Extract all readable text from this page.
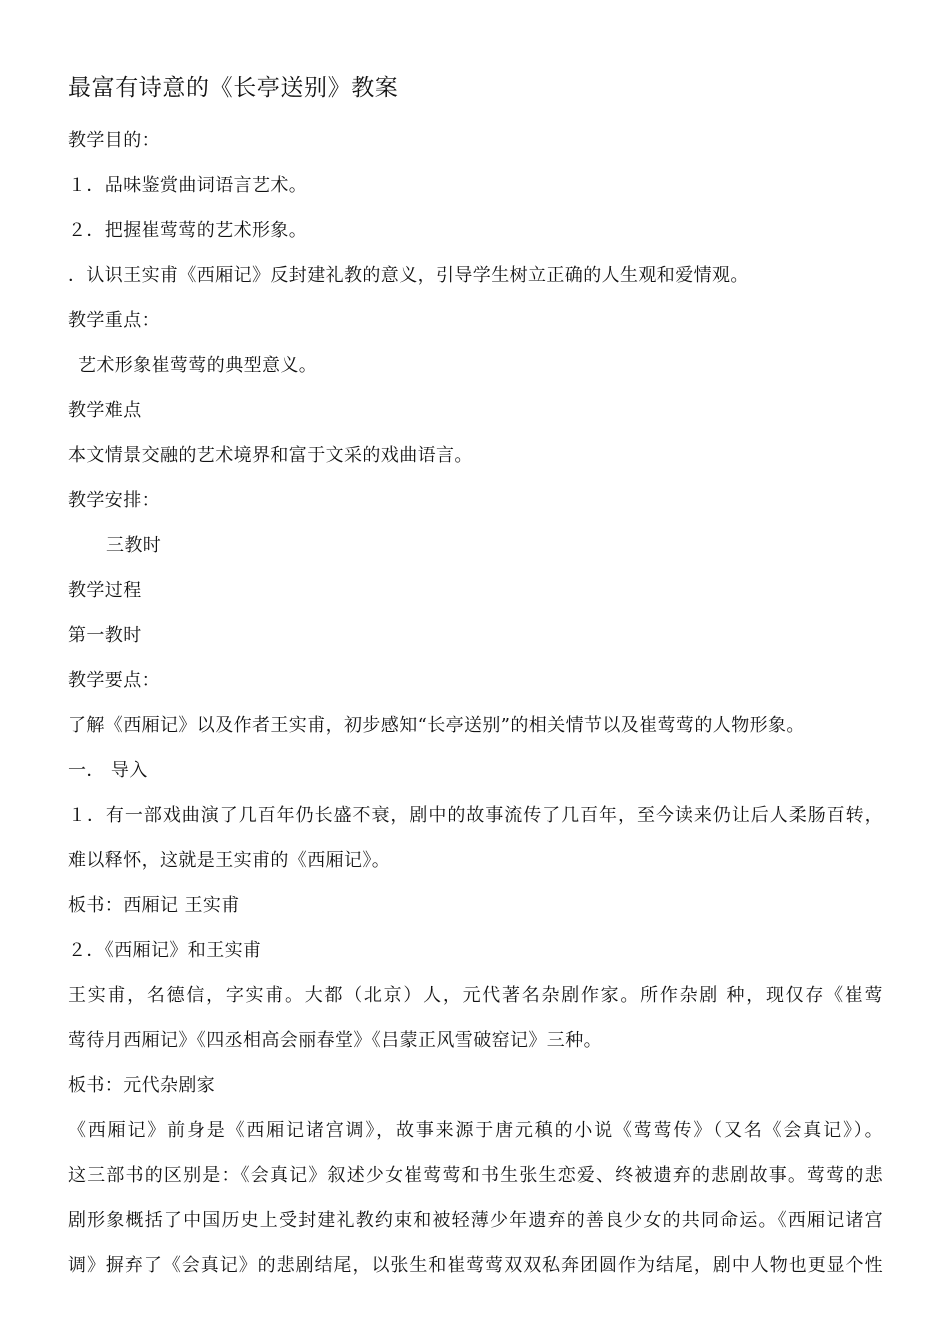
最富有诗意的《长亭送别》教案
教学目的：
１．品味鉴赏曲词语言艺术。
２．把握崔莺莺的艺术形象。
．认识王实甫《西厢记》反封建礼教的意义，引导学生树立正确的人生观和爱情观。
教学重点：
艺术形象崔莺莺的典型意义。
教学难点
本文情景交融的艺术境界和富于文采的戏曲语言。
教学安排：
三教时
教学过程
第一教时
教学要点：
了解《西厢记》以及作者王实甫，初步感知“长亭送别”的相关情节以及崔莺莺的人物形象。
一． 导入
１．有一部戏曲演了几百年仍长盛不衰，剧中的故事流传了几百年，至今读来仍让后人柔肠百转，
难以释怀，这就是王实甫的《西厢记》。
板书：西厢记 王实甫
２．《西厢记》和王实甫
王实甫，名德信，字实甫。大都（北京）人，元代著名杂剧作家。所作杂剧 种，现仅存《崔莺
莺待月西厢记》《四丞相高会丽春堂》《吕蒙正风雪破窑记》三种。
板书：元代杂剧家
《西厢记》前身是《西厢记诸宫调》，故事来源于唐元稹的小说《莺莺传》（又名《会真记》）。
这三部书的区别是：《会真记》叙述少女崔莺莺和书生张生恋爱、终被遗弃的悲剧故事。莺莺的悲
剧形象概括了中国历史上受封建礼教约束和被轻薄少年遗弃的善良少女的共同命运。《西厢记诸宫
调》摒弃了《会真记》的悲剧结尾，以张生和崔莺莺双双私奔团圆作为结尾，剧中人物也更显个性
